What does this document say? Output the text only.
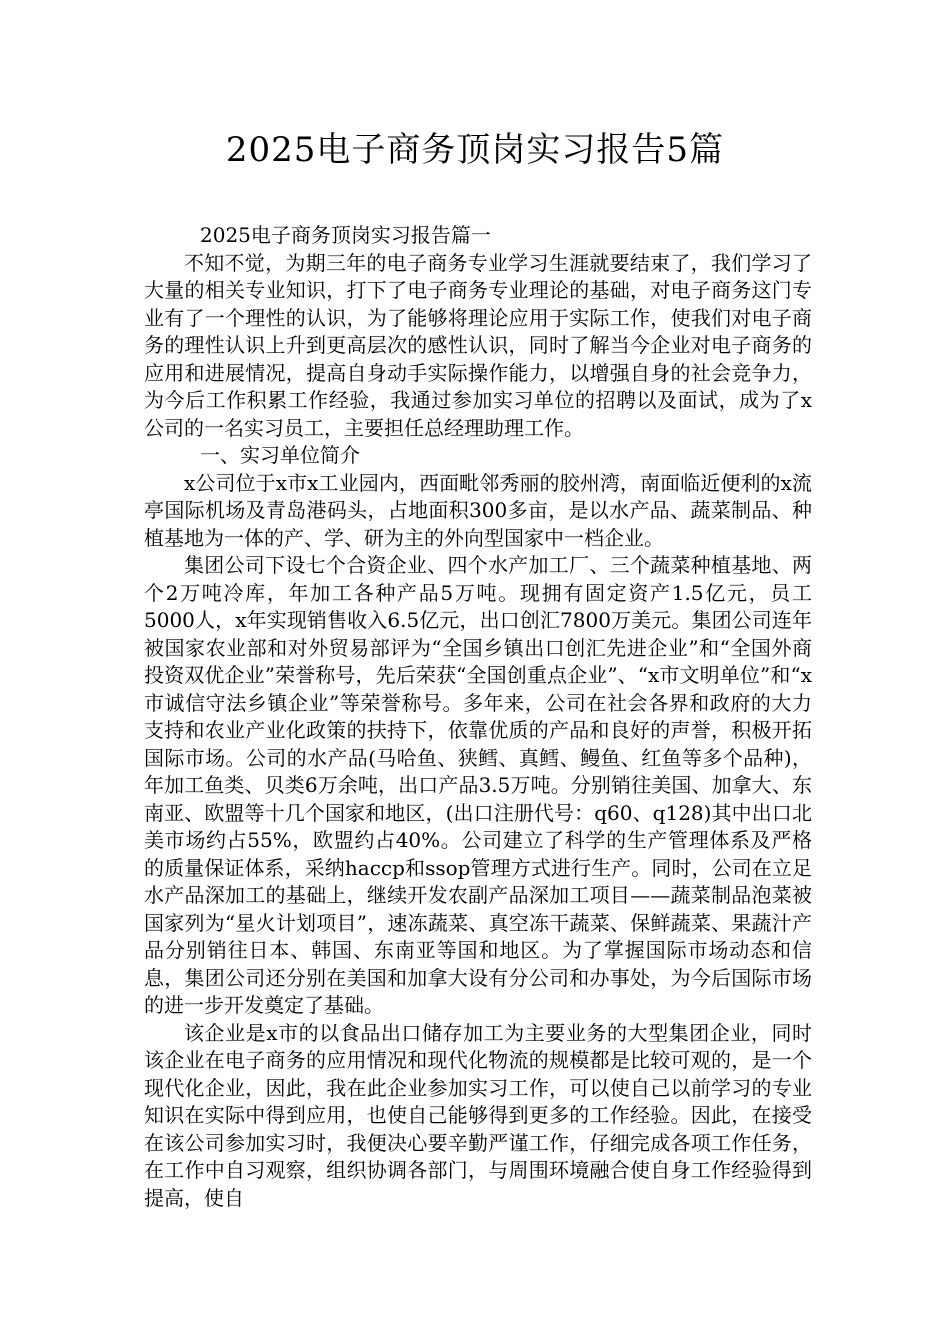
2025电子商务顶岗实习报告5篇

2025电子商务顶岗实习报告篇一

不知不觉，为期三年的电子商务专业学习生涯就要结束了，我们学习了大量的相关专业知识，打下了电子商务专业理论的基础，对电子商务这门专业有了一个理性的认识，为了能够将理论应用于实际工作，使我们对电子商务的理性认识上升到更高层次的感性认识，同时了解当今企业对电子商务的应用和进展情况，提高自身动手实际操作能力，以增强自身的社会竞争力，为今后工作积累工作经验，我通过参加实习单位的招聘以及面试，成为了x公司的一名实习员工，主要担任总经理助理工作。

一、实习单位简介

x公司位于x市x工业园内，西面毗邻秀丽的胶州湾，南面临近便利的x流亭国际机场及青岛港码头，占地面积300多亩，是以水产品、蔬菜制品、种植基地为一体的产、学、研为主的外向型国家中一档企业。

集团公司下设七个合资企业、四个水产加工厂、三个蔬菜种植基地、两个2万吨冷库，年加工各种产品5万吨。现拥有固定资产1.5亿元，员工5000人，x年实现销售收入6.5亿元，出口创汇7800万美元。集团公司连年被国家农业部和对外贸易部评为“全国乡镇出口创汇先进企业”和“全国外商投资双优企业”荣誉称号，先后荣获“全国创重点企业”、“x市文明单位”和“x市诚信守法乡镇企业”等荣誉称号。多年来，公司在社会各界和政府的大力支持和农业产业化政策的扶持下，依靠优质的产品和良好的声誉，积极开拓国际市场。公司的水产品(马哈鱼、狭鳕、真鳕、鳗鱼、红鱼等多个品种)，年加工鱼类、贝类6万余吨，出口产品3.5万吨。分别销往美国、加拿大、东南亚、欧盟等十几个国家和地区，(出口注册代号：q60、q128)其中出口北美市场约占55%，欧盟约占40%。公司建立了科学的生产管理体系及严格的质量保证体系，采纳haccp和ssop管理方式进行生产。同时，公司在立足水产品深加工的基础上，继续开发农副产品深加工项目——蔬菜制品泡菜被国家列为“星火计划项目”，速冻蔬菜、真空冻干蔬菜、保鲜蔬菜、果蔬汁产品分别销往日本、韩国、东南亚等国和地区。为了掌握国际市场动态和信息，集团公司还分别在美国和加拿大设有分公司和办事处，为今后国际市场的进一步开发奠定了基础。

该企业是x市的以食品出口储存加工为主要业务的大型集团企业，同时该企业在电子商务的应用情况和现代化物流的规模都是比较可观的，是一个现代化企业，因此，我在此企业参加实习工作，可以使自己以前学习的专业知识在实际中得到应用，也使自己能够得到更多的工作经验。因此，在接受在该公司参加实习时，我便决心要辛勤严谨工作，仔细完成各项工作任务，在工作中自习观察，组织协调各部门，与周围环境融合使自身工作经验得到提高，使自
